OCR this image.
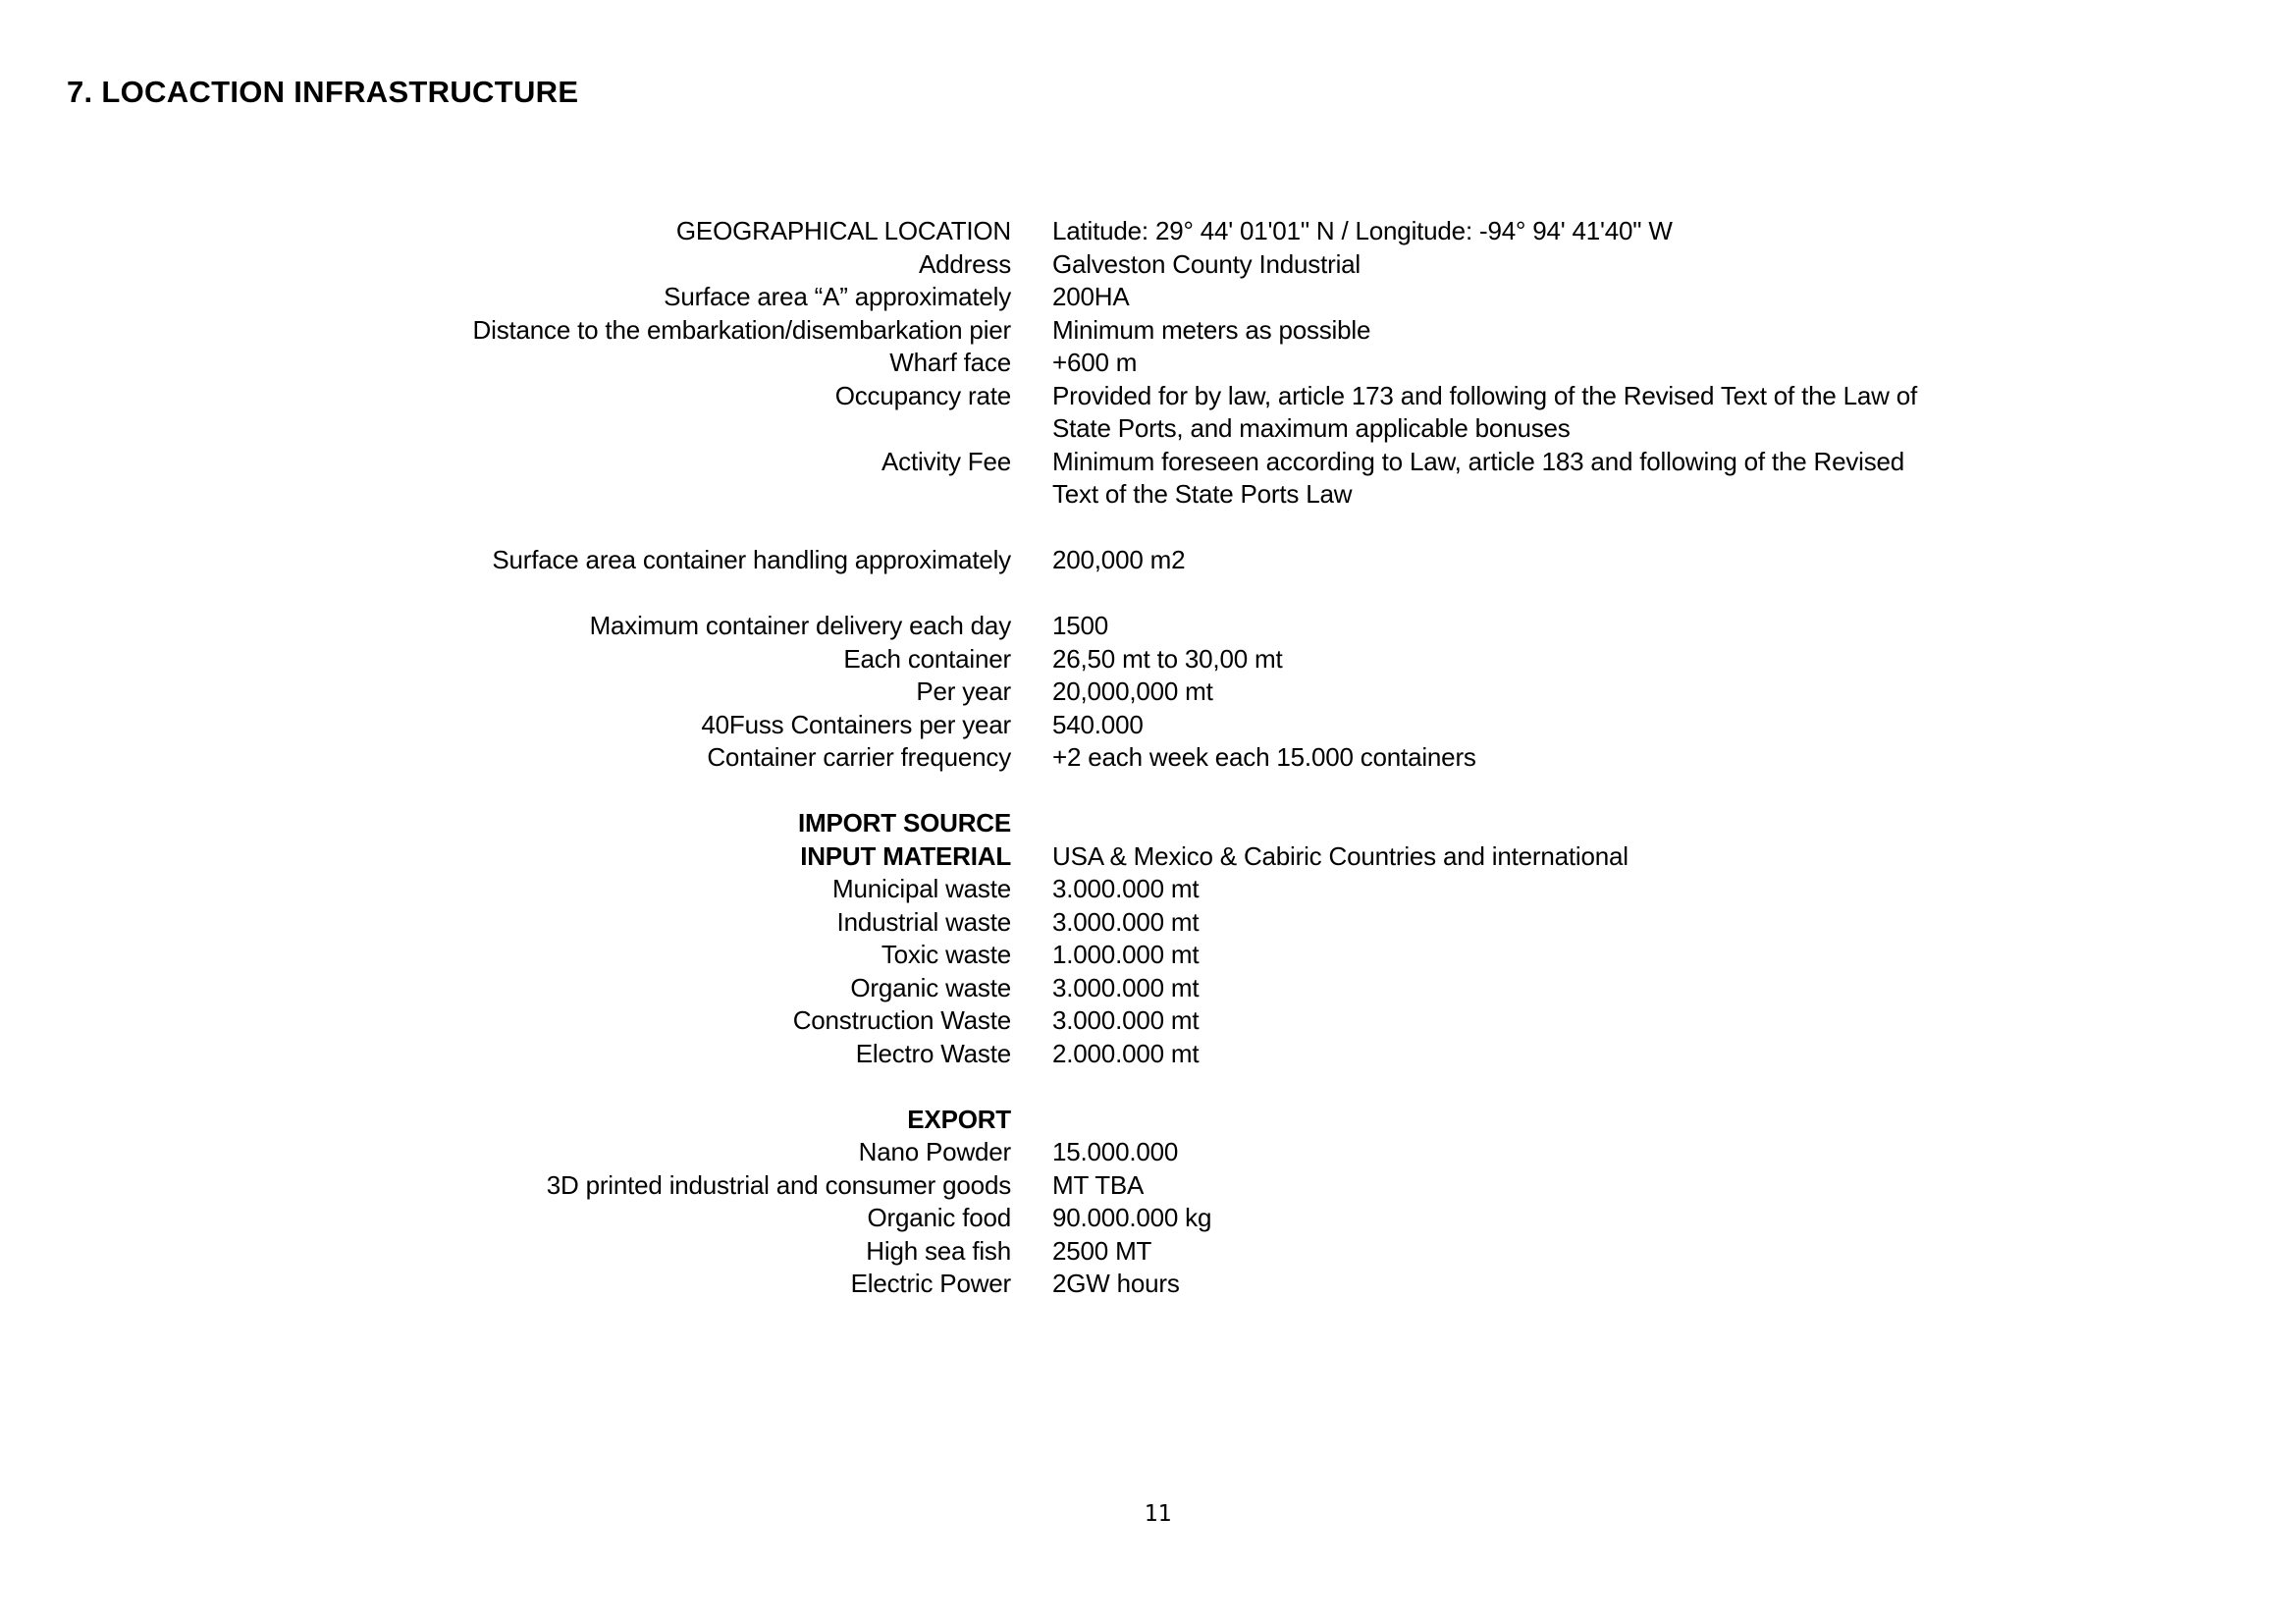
7. LOCACTION INFRASTRUCTURE
GEOGRAPHICAL LOCATION Latitude: 29° 44' 01'01" N / Longitude: -94° 94' 41'40" W
Address Galveston County Industrial
Surface area “A” approximately 200HA
Distance to the embarkation/disembarkation pier Minimum meters as possible
Wharf face +600 m
Occupancy rate Provided for by law, article 173 and following of the Revised Text of the Law of
State Ports, and maximum applicable bonuses
Activity Fee Minimum foreseen according to Law, article 183 and following of the Revised
Text of the State Ports Law
Surface area container handling approximately 200,000 m2
Maximum container delivery each day 1500
Each container 26,50 mt to 30,00 mt
Per year 20,000,000 mt
40Fuss Containers per year 540.000
Container carrier frequency +2 each week each 15.000 containers
IMPORT SOURCE
INPUT MATERIAL USA & Mexico & Cabiric Countries and international
Municipal waste 3.000.000 mt
Industrial waste 3.000.000 mt
Toxic waste 1.000.000 mt
Organic waste 3.000.000 mt
Construction Waste 3.000.000 mt
Electro Waste 2.000.000 mt
EXPORT
Nano Powder 15.000.000
3D printed industrial and consumer goods MT TBA
Organic food 90.000.000 kg
High sea fish 2500 MT
Electric Power 2GW hours
11
